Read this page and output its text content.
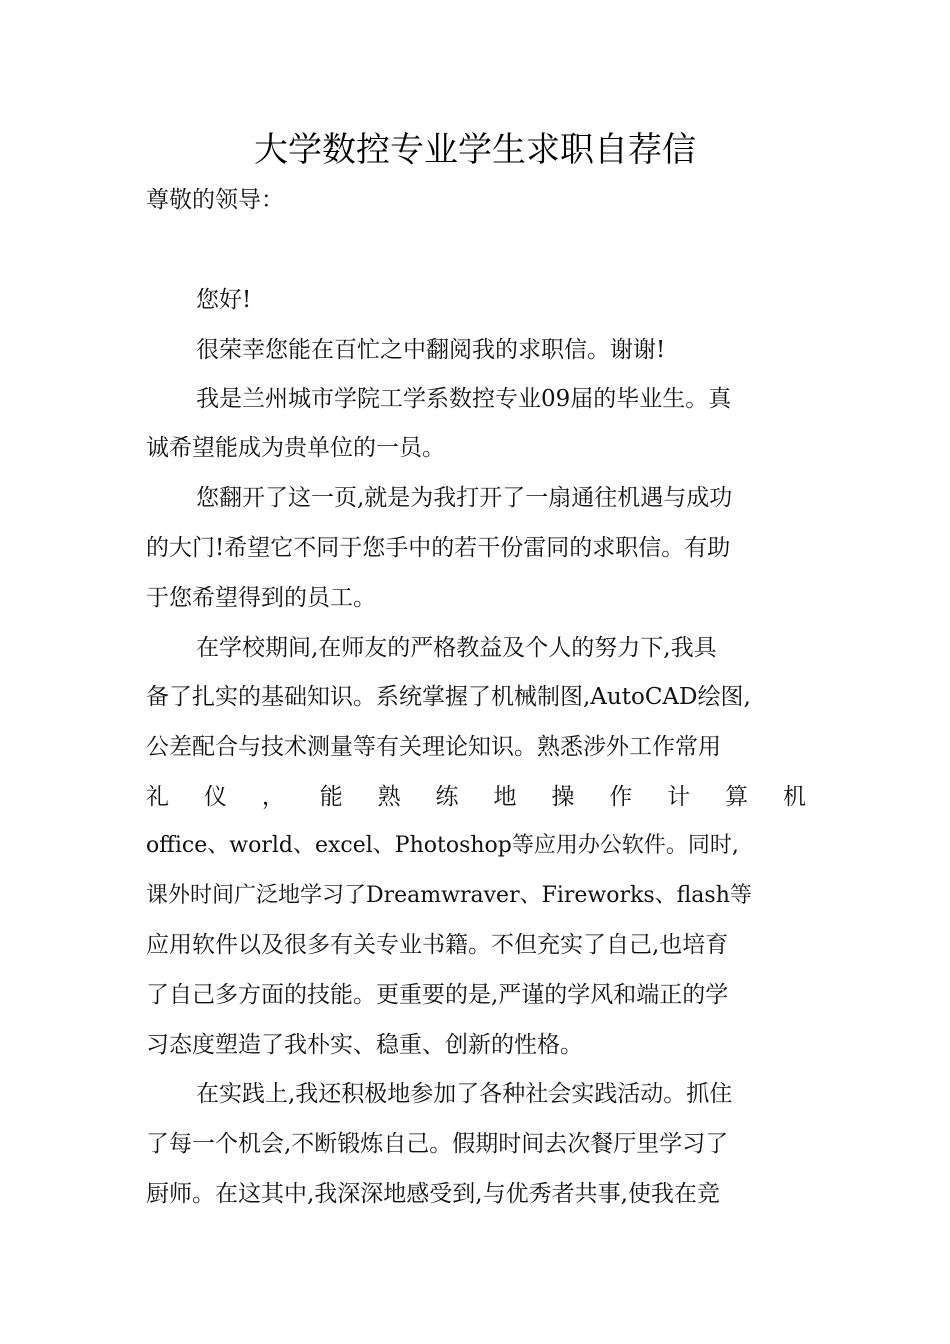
大学数控专业学生求职自荐信
尊敬的领导：
您好!
很荣幸您能在百忙之中翻阅我的求职信。谢谢!
我是兰州城市学院工学系数控专业09届的毕业生。真
诚希望能成为贵单位的一员。
您翻开了这一页,就是为我打开了一扇通往机遇与成功
的大门!希望它不同于您手中的若干份雷同的求职信。有助
于您希望得到的员工。
在学校期间,在师友的严格教益及个人的努力下,我具
备了扎实的基础知识。系统掌握了机械制图,AutoCAD绘图,
公差配合与技术测量等有关理论知识。熟悉涉外工作常用
礼 仪 ， 能 熟 练 地 操 作 计 算 机
office、world、excel、Photoshop等应用办公软件。同时,
课外时间广泛地学习了Dreamwraver、Fireworks、flash等
应用软件以及很多有关专业书籍。不但充实了自己,也培育
了自己多方面的技能。更重要的是,严谨的学风和端正的学
习态度塑造了我朴实、稳重、创新的性格。
在实践上,我还积极地参加了各种社会实践活动。抓住
了每一个机会,不断锻炼自己。假期时间去次餐厅里学习了
厨师。在这其中,我深深地感受到,与优秀者共事,使我在竞
